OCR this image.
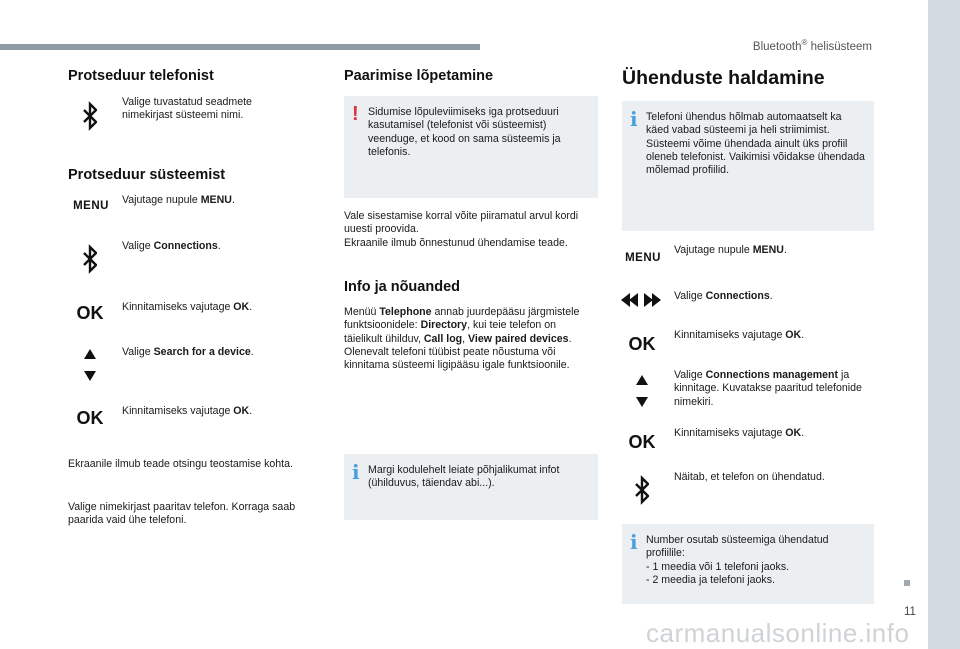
Bluetooth® helisüsteem
11
carmanualsonline.info
Protseduur telefonist
Valige tuvastatud seadmete nimekirjast süsteemi nimi.
Protseduur süsteemist
MENU	Vajutage nupule MENU.
Valige Connections.
OK	Kinnitamiseks vajutage OK.
Valige Search for a device.
OK	Kinnitamiseks vajutage OK.
Ekraanile ilmub teade otsingu teostamise kohta.
Valige nimekirjast paaritav telefon. Korraga saab paarida vaid ühe telefoni.
Paarimise lõpetamine
! Sidumise lõpuleviimiseks iga protseduuri kasutamisel (telefonist või süsteemist) veenduge, et kood on sama süsteemis ja telefonis.
Vale sisestamise korral võite piiramatul arvul kordi uuesti proovida.
Ekraanile ilmub õnnestunud ühendamise teade.
Info ja nõuanded
Menüü Telephone annab juurdepääsu järgmistele funktsioonidele: Directory, kui teie telefon on täielikult ühilduv, Call log, View paired devices.
Olenevalt telefoni tüübist peate nõustuma või kinnitama süsteemi ligipääsu igale funktsioonile.
i Margi kodulehelt leiate põhjalikumat infot (ühilduvus, täiendav abi...).
Ühenduste haldamine
i Telefoni ühendus hõlmab automaatselt ka käed vabad süsteemi ja heli striimimist. Süsteemi võime ühendada ainult üks profiil oleneb telefonist. Vaikimisi võidakse ühendada mõlemad profiilid.
MENU
Vajutage nupule MENU.
Valige Connections.
OK	Kinnitamiseks vajutage OK.
Valige Connections management ja kinnitage. Kuvatakse paaritud telefonide nimekiri.
OK	Kinnitamiseks vajutage OK.
Näitab, et telefon on ühendatud.
i Number osutab süsteemiga ühendatud profiilile:
- 1 meedia või 1 telefoni jaoks.
- 2 meedia ja telefoni jaoks.
